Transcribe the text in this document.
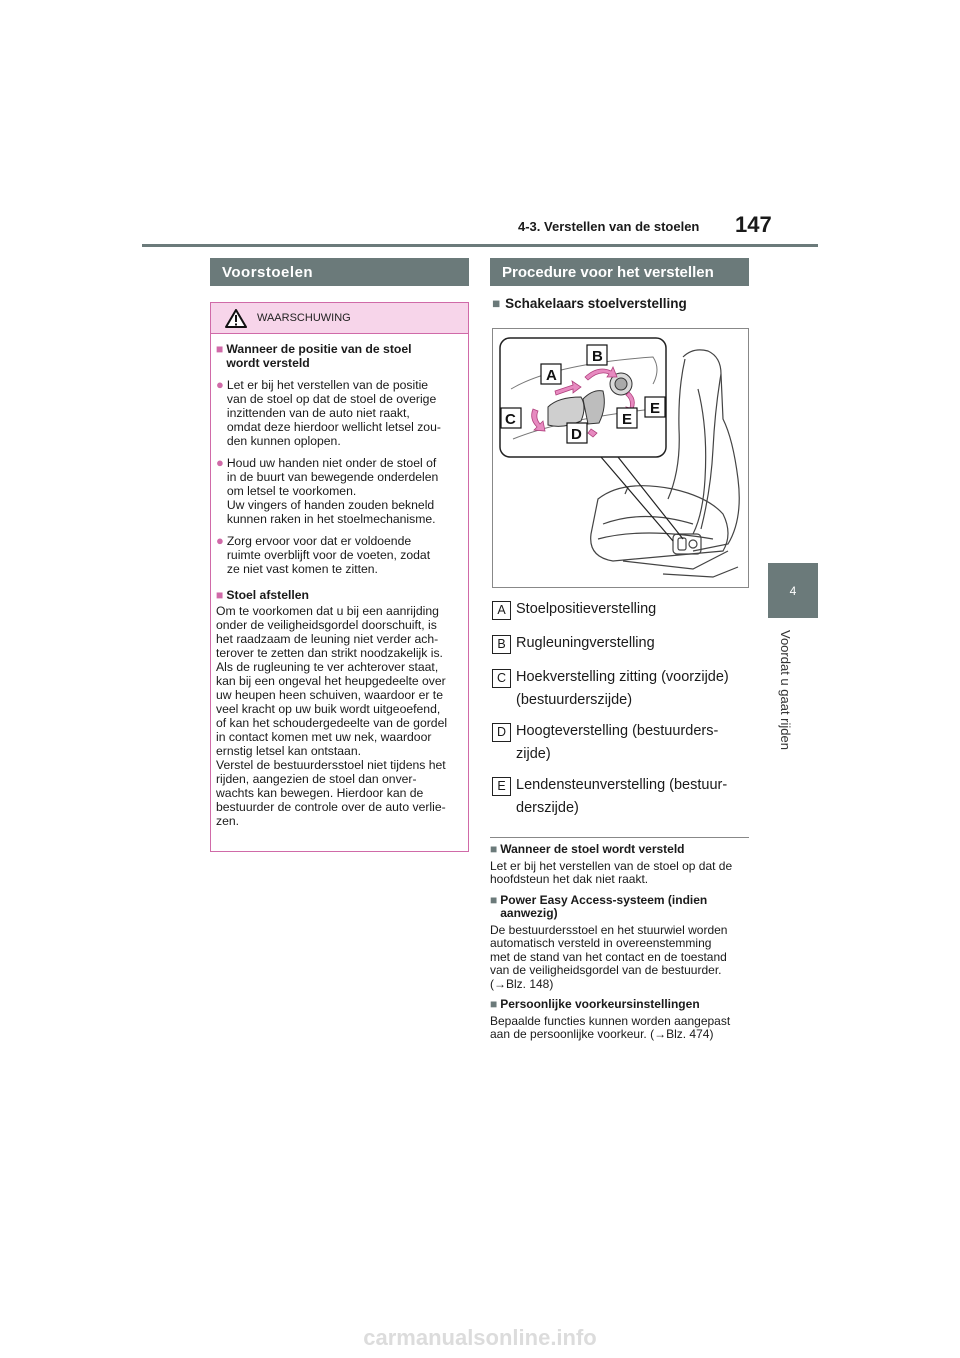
147
4-3. Verstellen van de stoelen
4
Voordat u gaat rijden
Voorstoelen
WAARSCHUWING
■ Wanneer de positie van de stoel
wordt versteld
● Let er bij het verstellen van de positie
van de stoel op dat de stoel de overige
inzittenden van de auto niet raakt,
omdat deze hierdoor wellicht letsel zou-
den kunnen oplopen.
● Houd uw handen niet onder de stoel of
in de buurt van bewegende onderdelen
om letsel te voorkomen.
Uw vingers of handen zouden bekneld
kunnen raken in het stoelmechanisme.
● Zorg ervoor voor dat er voldoende
ruimte overblijft voor de voeten, zodat
ze niet vast komen te zitten.
■ Stoel afstellen
Om te voorkomen dat u bij een aanrijding
onder de veiligheidsgordel doorschuift, is
het raadzaam de leuning niet verder ach-
terover te zetten dan strikt noodzakelijk is.
Als de rugleuning te ver achterover staat,
kan bij een ongeval het heupgedeelte over
uw heupen heen schuiven, waardoor er te
veel kracht op uw buik wordt uitgeoefend,
of kan het schoudergedeelte van de gordel
in contact komen met uw nek, waardoor
ernstig letsel kan ontstaan.
Verstel de bestuurdersstoel niet tijdens het
rijden, aangezien de stoel dan onver-
wachts kan bewegen. Hierdoor kan de
bestuurder de controle over de auto verlie-
zen.
Procedure voor het verstellen
■ Schakelaars stoelverstelling
A
B
C
D
E
E
A Stoelpositieverstelling
B Rugleuningverstelling
C Hoekverstelling zitting (voorzijde)
(bestuurderszijde)
D Hoogteverstelling (bestuurders-
zijde)
E Lendensteunverstelling (bestuur-
derszijde)
■ Wanneer de stoel wordt versteld
Let er bij het verstellen van de stoel op dat de
hoofdsteun het dak niet raakt.
■ Power Easy Access-systeem (indien
aanwezig)
De bestuurdersstoel en het stuurwiel worden
automatisch versteld in overeenstemming
met de stand van het contact en de toestand
van de veiligheidsgordel van de bestuurder.
(→Blz. 148)
■ Persoonlijke voorkeursinstellingen
Bepaalde functies kunnen worden aangepast
aan de persoonlijke voorkeur. (→Blz. 474)
carmanualsonline.info
